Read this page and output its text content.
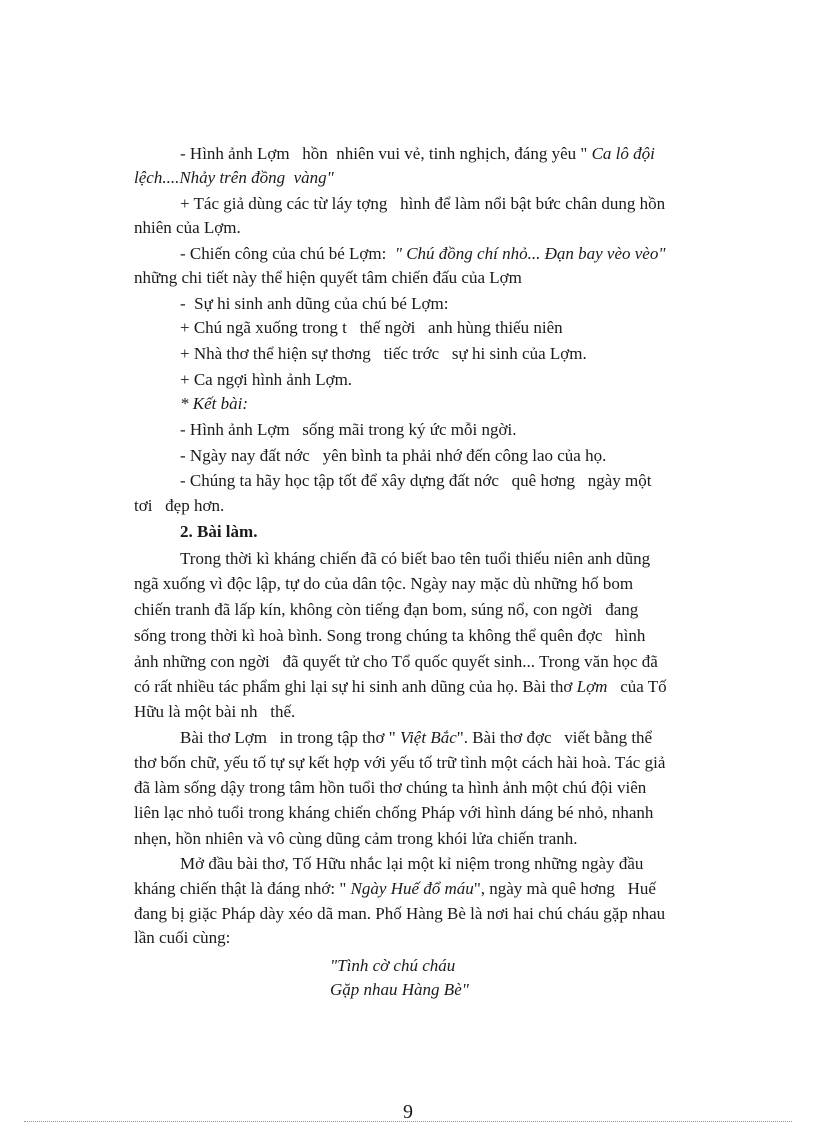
- Hình ảnh Lợm   hồn  nhiên vui vẻ, tinh nghịch, đáng yêu " Ca lô đội
lệch....Nhảy trên đồng  vàng"
+ Tác giả dùng các từ láy tợng   hình để làm nổi bật bức chân dung hồn
nhiên của Lợm.
- Chiến công của chú bé Lợm:  " Chú đồng chí nhỏ... Đạn bay vèo vèo"
những chi tiết này thể hiện quyết tâm chiến đấu của Lợm
-  Sự hi sinh anh dũng của chú bé Lợm:
+ Chú ngã xuống trong t   thế ngời   anh hùng thiếu niên
+ Nhà thơ thể hiện sự thơng   tiếc trớc   sự hi sinh của Lợm.
+ Ca ngợi hình ảnh Lợm.
* Kết bài:
- Hình ảnh Lợm   sống mãi trong ký ức mỗi ngời.
- Ngày nay đất nớc   yên bình ta phải nhớ đến công lao của họ.
- Chúng ta hãy học tập tốt để xây dựng đất nớc   quê hơng   ngày một
tơi   đẹp hơn.
2. Bài làm.
Trong thời kì kháng chiến đã có biết bao tên tuổi thiếu niên anh dũng
ngã xuống vì độc lập, tự do của dân tộc. Ngày nay mặc dù những hố bom
chiến tranh đã lấp kín, không còn tiếng đạn bom, súng nổ, con ngời   đang
sống trong thời kì hoà bình. Song trong chúng ta không thể quên đợc   hình
ảnh những con ngời   đã quyết tử cho Tổ quốc quyết sinh... Trong văn học đã
có rất nhiều tác phẩm ghi lại sự hi sinh anh dũng của họ. Bài thơ Lợm   của Tố
Hữu là một bài nh   thế.
Bài thơ Lợm   in trong tập thơ " Việt Bắc". Bài thơ đợc   viết bằng thể
thơ bốn chữ, yếu tố tự sự kết hợp với yếu tố trữ tình một cách hài hoà. Tác giả
đã làm sống dậy trong tâm hồn tuổi thơ chúng ta hình ảnh một chú đội viên
liên lạc nhỏ tuổi trong kháng chiến chống Pháp với hình dáng bé nhỏ, nhanh
nhẹn, hồn nhiên và vô cùng dũng cảm trong khói lửa chiến tranh.
Mở đầu bài thơ, Tố Hữu nhắc lại một kỉ niệm trong những ngày đầu
kháng chiến thật là đáng nhớ: " Ngày Huế đổ máu", ngày mà quê hơng   Huế
đang bị giặc Pháp dày xéo dã man. Phố Hàng Bè là nơi hai chú cháu gặp nhau
lần cuối cùng:
"Tình cờ chú cháu
Gặp nhau Hàng Bè"
9
